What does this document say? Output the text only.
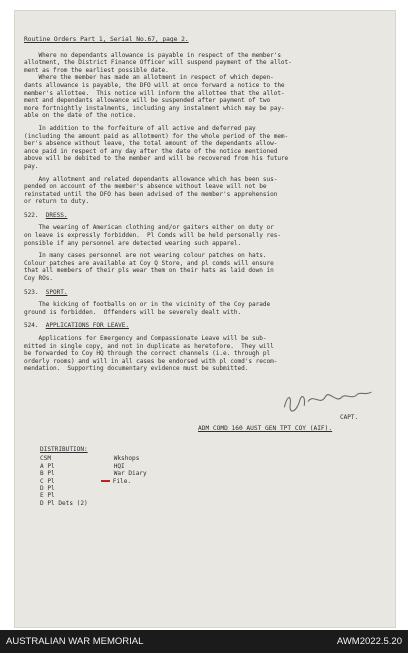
Routine Orders Part 1, Serial No.67, page 2.
Where no dependants allowance is payable in respect of the member's
allotment, the District Finance Officer will suspend payment of the allot-
ment as from the earliest possible date.
Where the member has made an allotment in respect of which depen-
dants allowance is payable, the DFO will at once forward a notice to the
member's allottee.  This notice will inform the allottee that the allot-
ment and dependants allowance will be suspended after payment of two
more fortnightly instalments, including any instalment which may be pay-
able on the date of the notice.
In addition to the forfeiture of all active and deferred pay
(including the amount paid as allotment) for the whole period of the mem-
ber's absence without leave, the total amount of the dependants allow-
ance paid in respect of any day after the date of the notice mentioned
above will be debited to the member and will be recovered from his future
pay.
Any allotment and related dependants allowance which has been sus-
pended on account of the member's absence without leave will not be
reinstated until the DFO has been advised of the member's apprehension
or return to duty.
522. DRESS.
The wearing of American clothing and/or gaiters either on duty or
on leave is expressly forbidden.  Pl Comds will be held personally res-
ponsible if any personnel are detected wearing such apparel.
In many cases personnel are not wearing colour patches on hats.
Colour patches are available at Coy Q Store, and pl comds will ensure
that all members of their pls wear them on their hats as laid down in
Coy ROs.
523. SPORT.
The kicking of footballs on or in the vicinity of the Coy parade
ground is forbidden.  Offenders will be severely dealt with.
524. APPLICATIONS FOR LEAVE.
Applications for Emergency and Compassionate Leave will be sub-
mitted in single copy, and not in duplicate as heretofore.  They will
be forwarded to Coy HQ through the correct channels (i.e. through pl
orderly rooms) and will in all cases be endorsed with pl comd's recom-
mendation.  Supporting documentary evidence must be submitted.
CAPT.
ADM COMD 160 AUST GEN TPT COY (AIF).
DISTRIBUTION:
CSM
A Pl
B Pl
C Pl
D Pl
E Pl
D Pl Dets (2)
Wkshops
HQI
War Diary
File.
AUSTRALIAN WAR MEMORIAL	AWM2022.5.20
